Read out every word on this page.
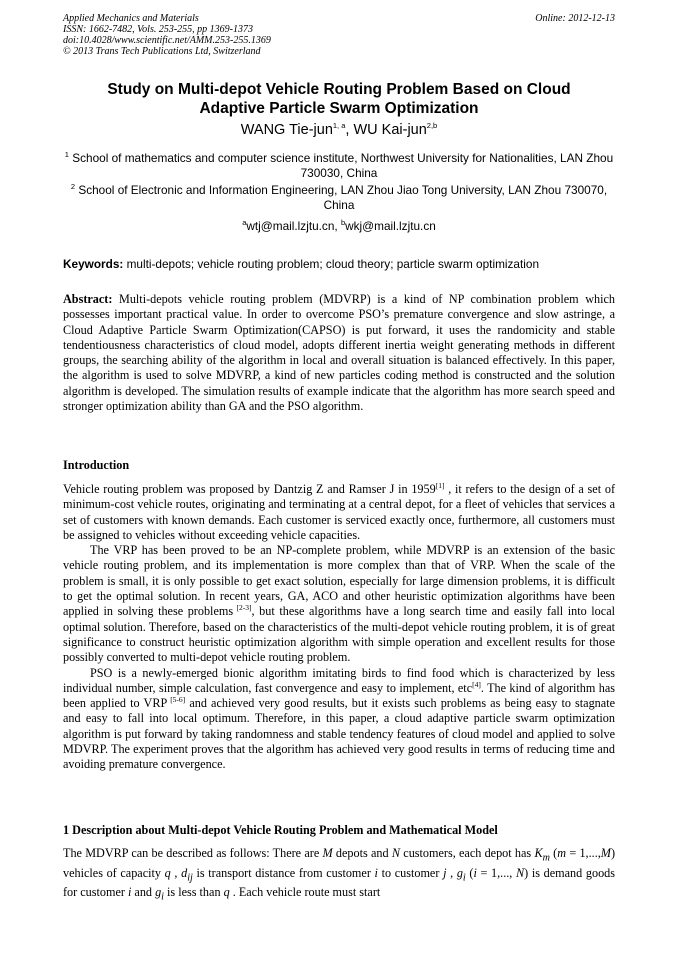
Applied Mechanics and Materials
ISSN: 1662-7482, Vols. 253-255, pp 1369-1373
doi:10.4028/www.scientific.net/AMM.253-255.1369
© 2013 Trans Tech Publications Ltd, Switzerland
Online: 2012-12-13
Study on Multi-depot Vehicle Routing Problem Based on Cloud
Adaptive Particle Swarm Optimization
WANG Tie-jun$^{1, a}$, WU Kai-jun$^{2,b}$
$^1$ School of mathematics and computer science institute, Northwest University for Nationalities, LAN Zhou 730030, China
$^2$ School of Electronic and Information Engineering, LAN Zhou Jiao Tong University, LAN Zhou 730070, China
$^a$wtj@mail.lzjtu.cn, $^b$wkj@mail.lzjtu.cn
Keywords: multi-depots; vehicle routing problem; cloud theory; particle swarm optimization

Abstract: Multi-depots vehicle routing problem (MDVRP) is a kind of NP combination problem which possesses important practical value. In order to overcome PSO’s premature convergence and slow astringe, a Cloud Adaptive Particle Swarm Optimization(CAPSO) is put forward, it uses the randomicity and stable tendentiousness characteristics of cloud model, adopts different inertia weight generating methods in different groups, the searching ability of the algorithm in local and overall situation is balanced effectively. In this paper, the algorithm is used to solve MDVRP, a kind of new particles coding method is constructed and the solution algorithm is developed. The simulation results of example indicate that the algorithm has more search speed and stronger optimization ability than GA and the PSO algorithm.

Introduction

Vehicle routing problem was proposed by Dantzig Z and Ramser J in 1959[1] , it refers to the design of a set of minimum-cost vehicle routes, originating and terminating at a central depot, for a fleet of vehicles that services a set of customers with known demands. Each customer is serviced exactly once, furthermore, all customers must be assigned to vehicles without exceeding vehicle capacities.

The VRP has been proved to be an NP-complete problem, while MDVRP is an extension of the basic vehicle routing problem, and its implementation is more complex than that of VRP. When the scale of the problem is small, it is only possible to get exact solution, especially for large dimension problems, it is difficult to get the optimal solution. In recent years, GA, ACO and other heuristic optimization algorithms have been applied in solving these problems [2-3], but these algorithms have a long search time and easily fall into local optimal solution. Therefore, based on the characteristics of the multi-depot vehicle routing problem, it is of great significance to construct heuristic optimization algorithm with simple operation and excellent results for those possibly converted to multi-depot vehicle routing problem.

PSO is a newly-emerged bionic algorithm imitating birds to find food which is characterized by less individual number, simple calculation, fast convergence and easy to implement, etc[4]. The kind of algorithm has been applied to VRP [5-6] and achieved very good results, but it exists such problems as being easy to stagnate and easy to fall into local optimum. Therefore, in this paper, a cloud adaptive particle swarm optimization algorithm is put forward by taking randomness and stable tendency features of cloud model and applied to solve MDVRP. The experiment proves that the algorithm has achieved very good results in terms of reducing time and avoiding premature convergence.

1 Description about Multi-depot Vehicle Routing Problem and Mathematical Model

The MDVRP can be described as follows: There are M depots and N customers, each depot has $K_m$ (m = 1,...,M) vehicles of capacity q , $d_{ij}$ is transport distance from customer i to customer j , $g_i$ (i = 1,..., N) is demand goods for customer i and $g_i$ is less than q . Each vehicle route must start
